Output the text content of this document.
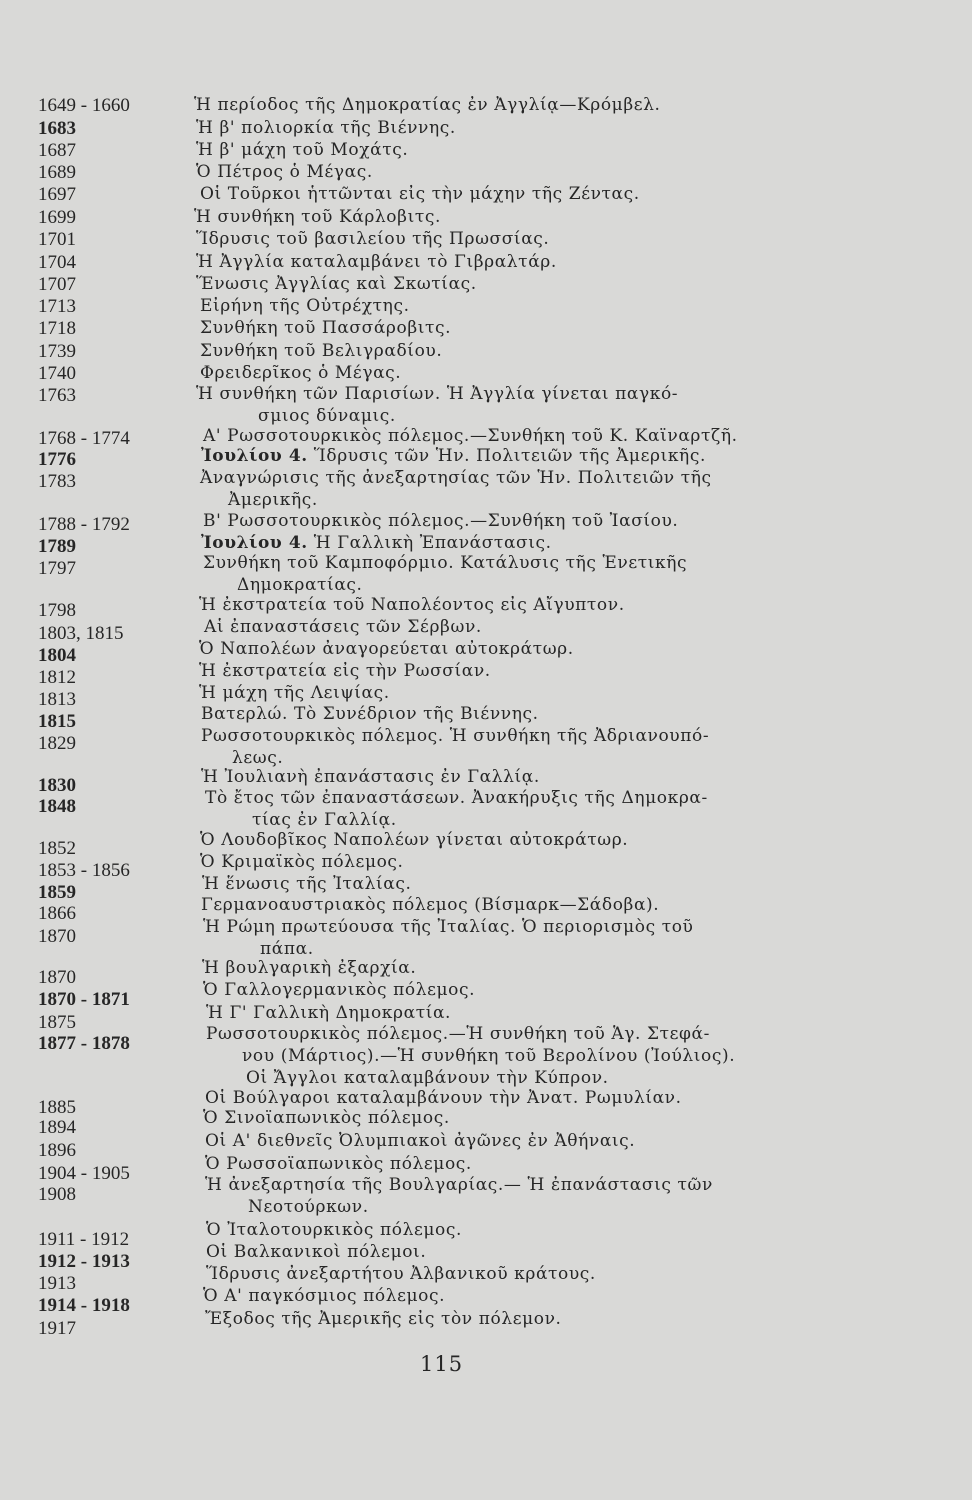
1649 - 1660	Ἡ περίοδος τῆς Δημοκρατίας ἐν Ἀγγλίᾳ—Κρόμβελ.
1683	Ἡ β' πολιορκία τῆς Βιέννης.
1687	Ἡ β' μάχη τοῦ Μοχάτς.
1689	Ὁ Πέτρος ὁ Μέγας.
1697	Οἱ Τοῦρκοι ἡττῶνται εἰς τὴν μάχην τῆς Ζέντας.
1699	Ἡ συνθήκη τοῦ Κάρλοβιτς.
1701	Ἵδρυσις τοῦ βασιλείου τῆς Πρωσσίας.
1704	Ἡ Ἀγγλία καταλαμβάνει τὸ Γιβραλτάρ.
1707	Ἕνωσις Ἀγγλίας καὶ Σκωτίας.
1713	Εἰρήνη τῆς Οὐτρέχτης.
1718	Συνθήκη τοῦ Πασσάροβιτς.
1739	Συνθήκη τοῦ Βελιγραδίου.
1740	Φρειδερῖκος ὁ Μέγας.
1763	Ἡ συνθήκη τῶν Παρισίων. Ἡ Ἀγγλία γίνεται παγκό-
σμιος δύναμις.
1768 - 1774	Α' Ρωσσοτουρκικὸς πόλεμος.—Συνθήκη τοῦ Κ. Καϊναρτζῆ.
1776	Ἰουλίου 4. Ἵδρυσις τῶν Ἡν. Πολιτειῶν τῆς Ἀμερικῆς.
1783	Ἀναγνώρισις τῆς ἀνεξαρτησίας τῶν Ἡν. Πολιτειῶν τῆς
Ἀμερικῆς.
1788 - 1792	Β' Ρωσσοτουρκικὸς πόλεμος.—Συνθήκη τοῦ Ἰασίου.
1789	Ἰουλίου 4. Ἡ Γαλλικὴ Ἐπανάστασις.
1797	Συνθήκη τοῦ Καμποφόρμιο. Κατάλυσις τῆς Ἑνετικῆς
Δημοκρατίας.
1798	Ἡ ἐκστρατεία τοῦ Ναπολέοντος εἰς Αἴγυπτον.
1803, 1815	Αἱ ἐπαναστάσεις τῶν Σέρβων.
1804	Ὁ Ναπολέων ἀναγορεύεται αὐτοκράτωρ.
1812	Ἡ ἐκστρατεία εἰς τὴν Ρωσσίαν.
1813	Ἡ μάχη τῆς Λειψίας.
1815	Βατερλώ. Τὸ Συνέδριον τῆς Βιέννης.
1829	Ρωσσοτουρκικὸς πόλεμος. Ἡ συνθήκη τῆς Ἀδριανουπό-
λεως.
1830	Ἡ Ἰουλιανὴ ἐπανάστασις ἐν Γαλλίᾳ.
1848	Τὸ ἔτος τῶν ἐπαναστάσεων. Ἀνακήρυξις τῆς Δημοκρα-
τίας ἐν Γαλλίᾳ.
1852	Ὁ Λουδοβῖκος Ναπολέων γίνεται αὐτοκράτωρ.
1853 - 1856	Ὁ Κριμαϊκὸς πόλεμος.
1859	Ἡ ἕνωσις τῆς Ἰταλίας.
1866	Γερμανοαυστριακὸς πόλεμος (Βίσμαρκ—Σάδοβα).
1870	Ἡ Ρώμη πρωτεύουσα τῆς Ἰταλίας. Ὁ περιορισμὸς τοῦ
πάπα.
1870	Ἡ βουλγαρικὴ ἐξαρχία.
1870 - 1871	Ὁ Γαλλογερμανικὸς πόλεμος.
1875	Ἡ Γ' Γαλλικὴ Δημοκρατία.
1877 - 1878	Ρωσσοτουρκικὸς πόλεμος.—Ἡ συνθήκη τοῦ Ἁγ. Στεφά-
νου (Μάρτιος).—Ἡ συνθήκη τοῦ Βερολίνου (Ἰούλιος).
Οἱ Ἄγγλοι καταλαμβάνουν τὴν Κύπρον.
1885	Οἱ Βούλγαροι καταλαμβάνουν τὴν Ἀνατ. Ρωμυλίαν.
1894	Ὁ Σινοϊαπωνικὸς πόλεμος.
1896	Οἱ Α' διεθνεῖς Ὀλυμπιακοὶ ἀγῶνες ἐν Ἀθήναις.
1904 - 1905	Ὁ Ρωσσοϊαπωνικὸς πόλεμος.
1908	Ἡ ἀνεξαρτησία τῆς Βουλγαρίας.— Ἡ ἐπανάστασις τῶν
Νεοτούρκων.
1911 - 1912	Ὁ Ἰταλοτουρκικὸς πόλεμος.
1912 - 1913	Οἱ Βαλκανικοὶ πόλεμοι.
1913	Ἵδρυσις ἀνεξαρτήτου Ἀλβανικοῦ κράτους.
1914 - 1918	Ὁ Α' παγκόσμιος πόλεμος.
1917	Ἔξοδος τῆς Ἀμερικῆς εἰς τὸν πόλεμον.
115
